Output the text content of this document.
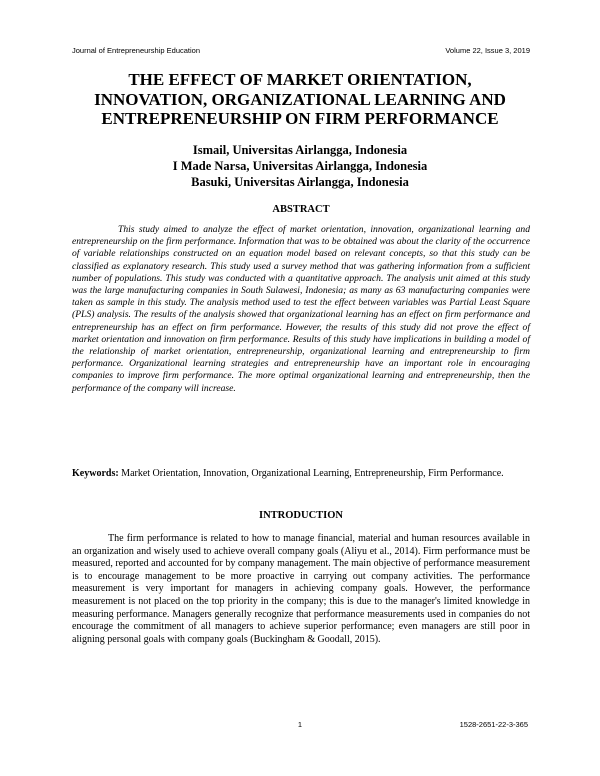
Journal of Entrepreneurship Education	Volume 22, Issue 3, 2019
THE EFFECT OF MARKET ORIENTATION,
INNOVATION, ORGANIZATIONAL LEARNING AND
ENTREPRENEURSHIP ON FIRM PERFORMANCE
Ismail, Universitas Airlangga, Indonesia
I Made Narsa, Universitas Airlangga, Indonesia
Basuki, Universitas Airlangga, Indonesia
ABSTRACT

This study aimed to analyze the effect of market orientation, innovation, organizational learning and entrepreneurship on the firm performance. Information that was to be obtained was about the clarity of the occurrence of variable relationships constructed on an equation model based on relevant concepts, so that this study can be classified as explanatory research. This study used a survey method that was gathering information from a sufficient number of populations. This study was conducted with a quantitative approach. The analysis unit aimed at this study was the large manufacturing companies in South Sulawesi, Indonesia; as many as 63 manufacturing companies were taken as sample in this study. The analysis method used to test the effect between variables was Partial Least Square (PLS) analysis. The results of the analysis showed that organizational learning has an effect on firm performance and entrepreneurship has an effect on firm performance. However, the results of this study did not prove the effect of market orientation and innovation on firm performance. Results of this study have implications in building a model of the relationship of market orientation, entrepreneurship, organizational learning and entrepreneurship to firm performance. Organizational learning strategies and entrepreneurship have an important role in encouraging companies to improve firm performance. The more optimal organizational learning and entrepreneurship, then the performance of the company will increase.

Keywords: Market Orientation, Innovation, Organizational Learning, Entrepreneurship, Firm Performance.

INTRODUCTION

The firm performance is related to how to manage financial, material and human resources available in an organization and wisely used to achieve overall company goals (Aliyu et al., 2014). Firm performance must be measured, reported and accounted for by company management. The main objective of performance measurement is to encourage management to be more proactive in carrying out company activities. The performance measurement is very important for managers in achieving company goals. However, the performance measurement is not placed on the top priority in the company; this is due to the manager's limited knowledge in measuring performance. Managers generally recognize that performance measurements used in companies do not encourage the commitment of all managers to achieve superior performance; even managers are still poor in aligning personal goals with company goals (Buckingham & Goodall, 2015).

1	1528-2651-22-3-365
